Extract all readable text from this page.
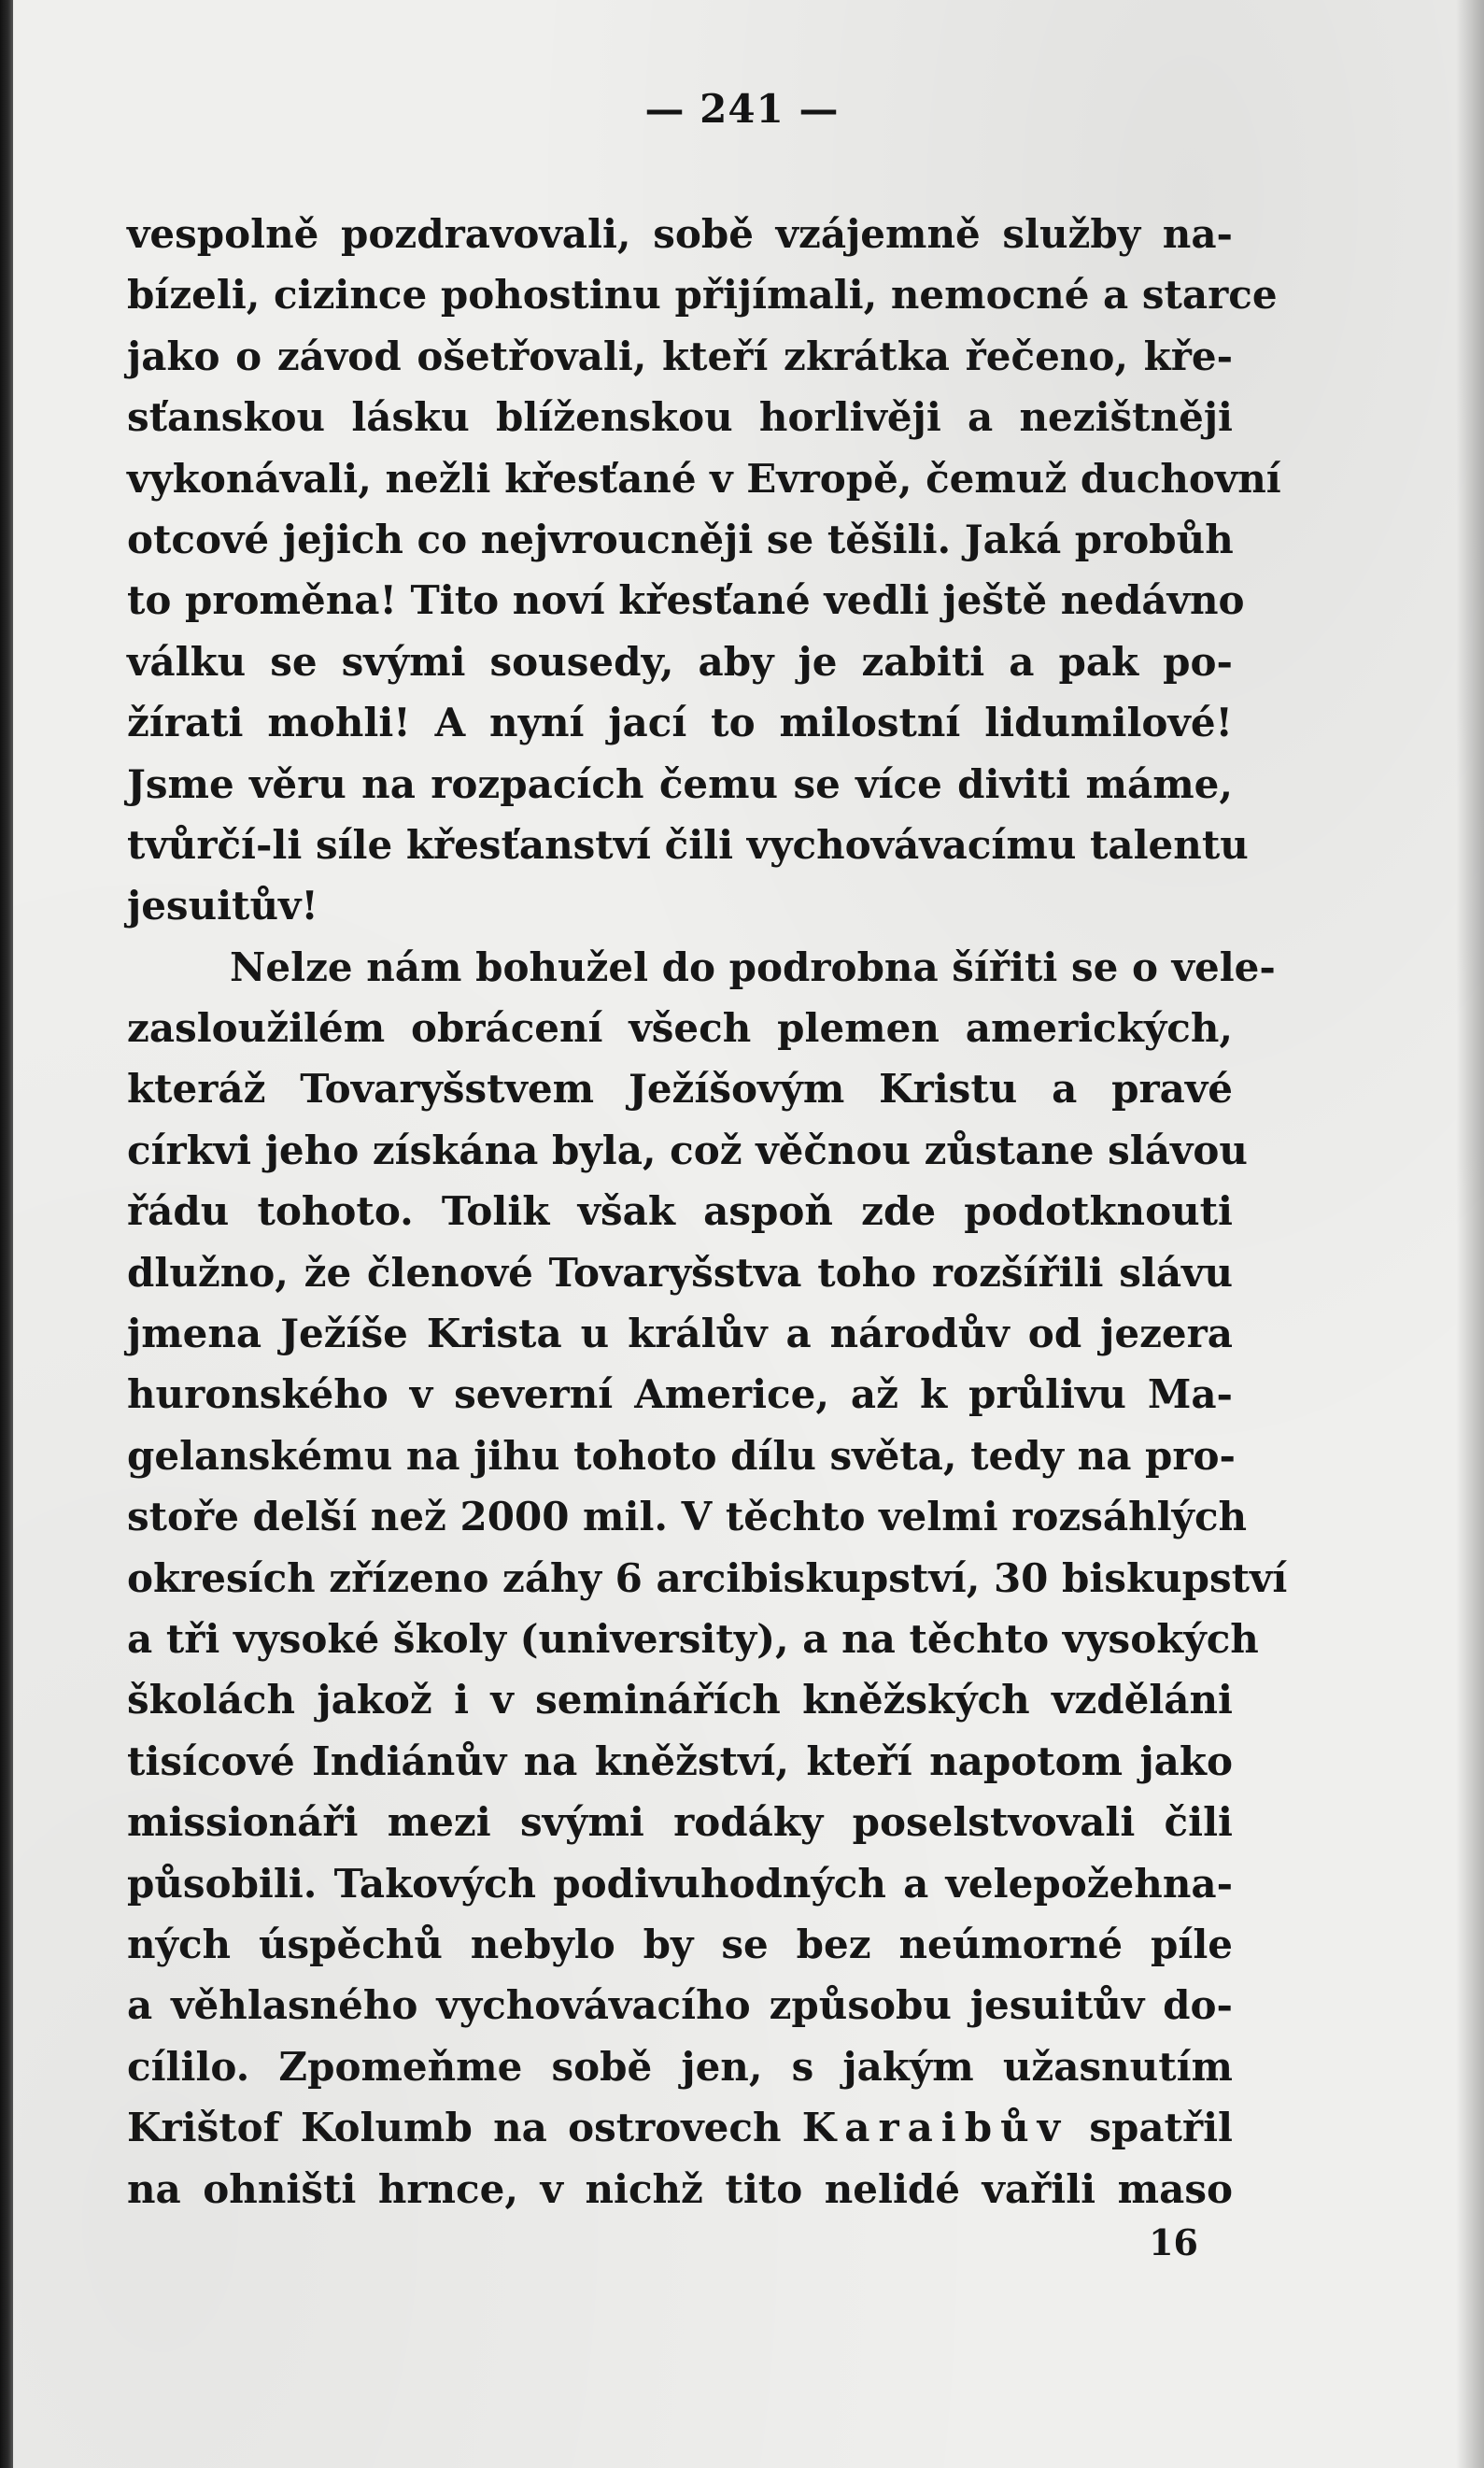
— 241 —
vespolně pozdravovali, sobě vzájemně služby na-
bízeli, cizince pohostinu přijímali, nemocné a starce
jako o závod ošetřovali, kteří zkrátka řečeno, kře-
sťanskou lásku blíženskou horlivěji a nezištněji
vykonávali, nežli křesťané v Evropě, čemuž duchovní
otcové jejich co nejvroucněji se těšili. Jaká probůh
to proměna! Tito noví křesťané vedli ještě nedávno
válku se svými sousedy, aby je zabiti a pak po-
žírati mohli! A nyní jací to milostní lidumilové!
Jsme věru na rozpacích čemu se více diviti máme,
tvůrčí-li síle křesťanství čili vychovávacímu talentu
jesuitův!
Nelze nám bohužel do podrobna šířiti se o vele-
zasloužilém obrácení všech plemen amerických,
kteráž Tovaryšstvem Ježíšovým Kristu a pravé
církvi jeho získána byla, což věčnou zůstane slávou
řádu tohoto. Tolik však aspoň zde podotknouti
dlužno, že členové Tovaryšstva toho rozšířili slávu
jmena Ježíše Krista u králův a národův od jezera
huronského v severní Americe, až k průlivu Ma-
gelanskému na jihu tohoto dílu světa, tedy na pro-
stoře delší než 2000 mil. V těchto velmi rozsáhlých
okresích zřízeno záhy 6 arcibiskupství, 30 biskupství
a tři vysoké školy (university), a na těchto vysokých
školách jakož i v seminářích kněžských vzděláni
tisícové Indiánův na kněžství, kteří napotom jako
missionáři mezi svými rodáky poselstvovali čili
působili. Takových podivuhodných a velepožehna-
ných úspěchů nebylo by se bez neúmorné píle
a věhlasného vychovávacího způsobu jesuitův do-
cílilo. Zpomeňme sobě jen, s jakým užasnutím
Krištof Kolumb na ostrovech Karaibův spatřil
na ohništi hrnce, v nichž tito nelidé vařili maso
16
